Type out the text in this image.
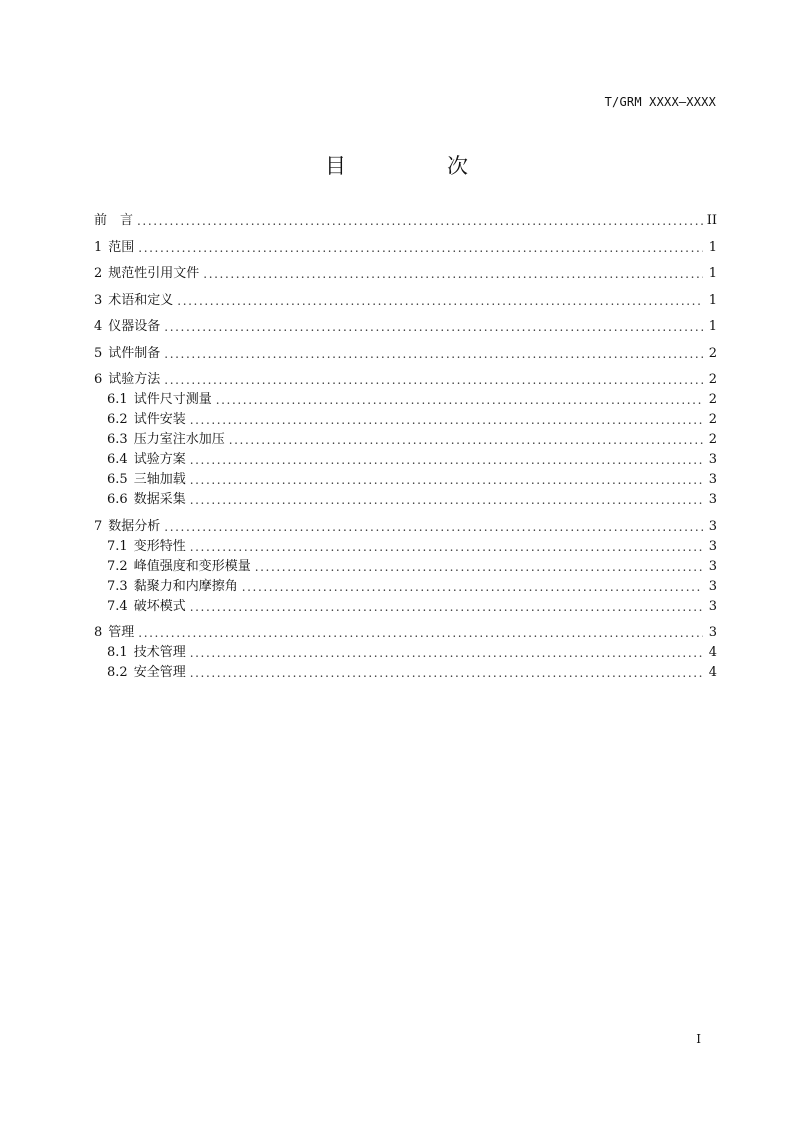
T/GRM XXXX—XXXX
目　次
前　言 .....	II
1 范围 .....	1
2 规范性引用文件 .....	1
3 术语和定义 .....	1
4 仪器设备 .....	1
5 试件制备 .....	2
6 试验方法 .....	2
6.1 试件尺寸测量 .....	2
6.2 试件安装 .....	2
6.3 压力室注水加压 .....	2
6.4 试验方案 .....	3
6.5 三轴加载 .....	3
6.6 数据采集 .....	3
7 数据分析 .....	3
7.1 变形特性 .....	3
7.2 峰值强度和变形模量 .....	3
7.3 黏聚力和内摩擦角 .....	3
7.4 破坏模式 .....	3
8 管理 .....	3
8.1 技术管理 .....	4
8.2 安全管理 .....	4
I
